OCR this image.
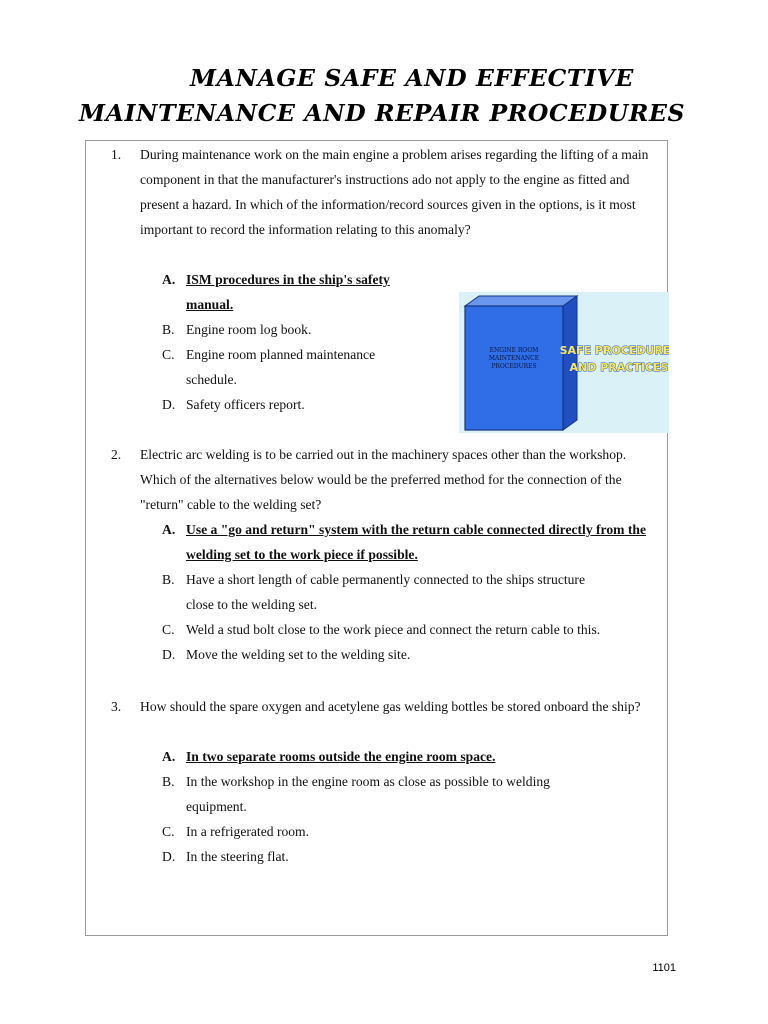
MANAGE SAFE AND EFFECTIVE
MAINTENANCE AND REPAIR PROCEDURES
1. During maintenance work on the main engine a problem arises regarding the lifting of a main component in that the manufacturer's instructions ado not apply to the engine as fitted and present a hazard. In which of the information/record sources given in the options, is it most important to record the information relating to this anomaly?
A. ISM procedures in the ship's safety manual.
B. Engine room log book.
C. Engine room planned maintenance schedule.
D. Safety officers report.
ENGINE ROOM
MAINTENANCE
PROCEDURES
SAFE PROCEDURES
AND PRACTICES
2. Electric arc welding is to be carried out in the machinery spaces other than the workshop. Which of the alternatives below would be the preferred method for the connection of the "return" cable to the welding set?
A. Use a "go and return" system with the return cable connected directly from the welding set to the work piece if possible.
B. Have a short length of cable permanently connected to the ships structure close to the welding set.
C. Weld a stud bolt close to the work piece and connect the return cable to this.
D. Move the welding set to the welding site.
3. How should the spare oxygen and acetylene gas welding bottles be stored onboard the ship?
A. In two separate rooms outside the engine room space.
B. In the workshop in the engine room as close as possible to welding equipment.
C. In a refrigerated room.
D. In the steering flat.
1101
